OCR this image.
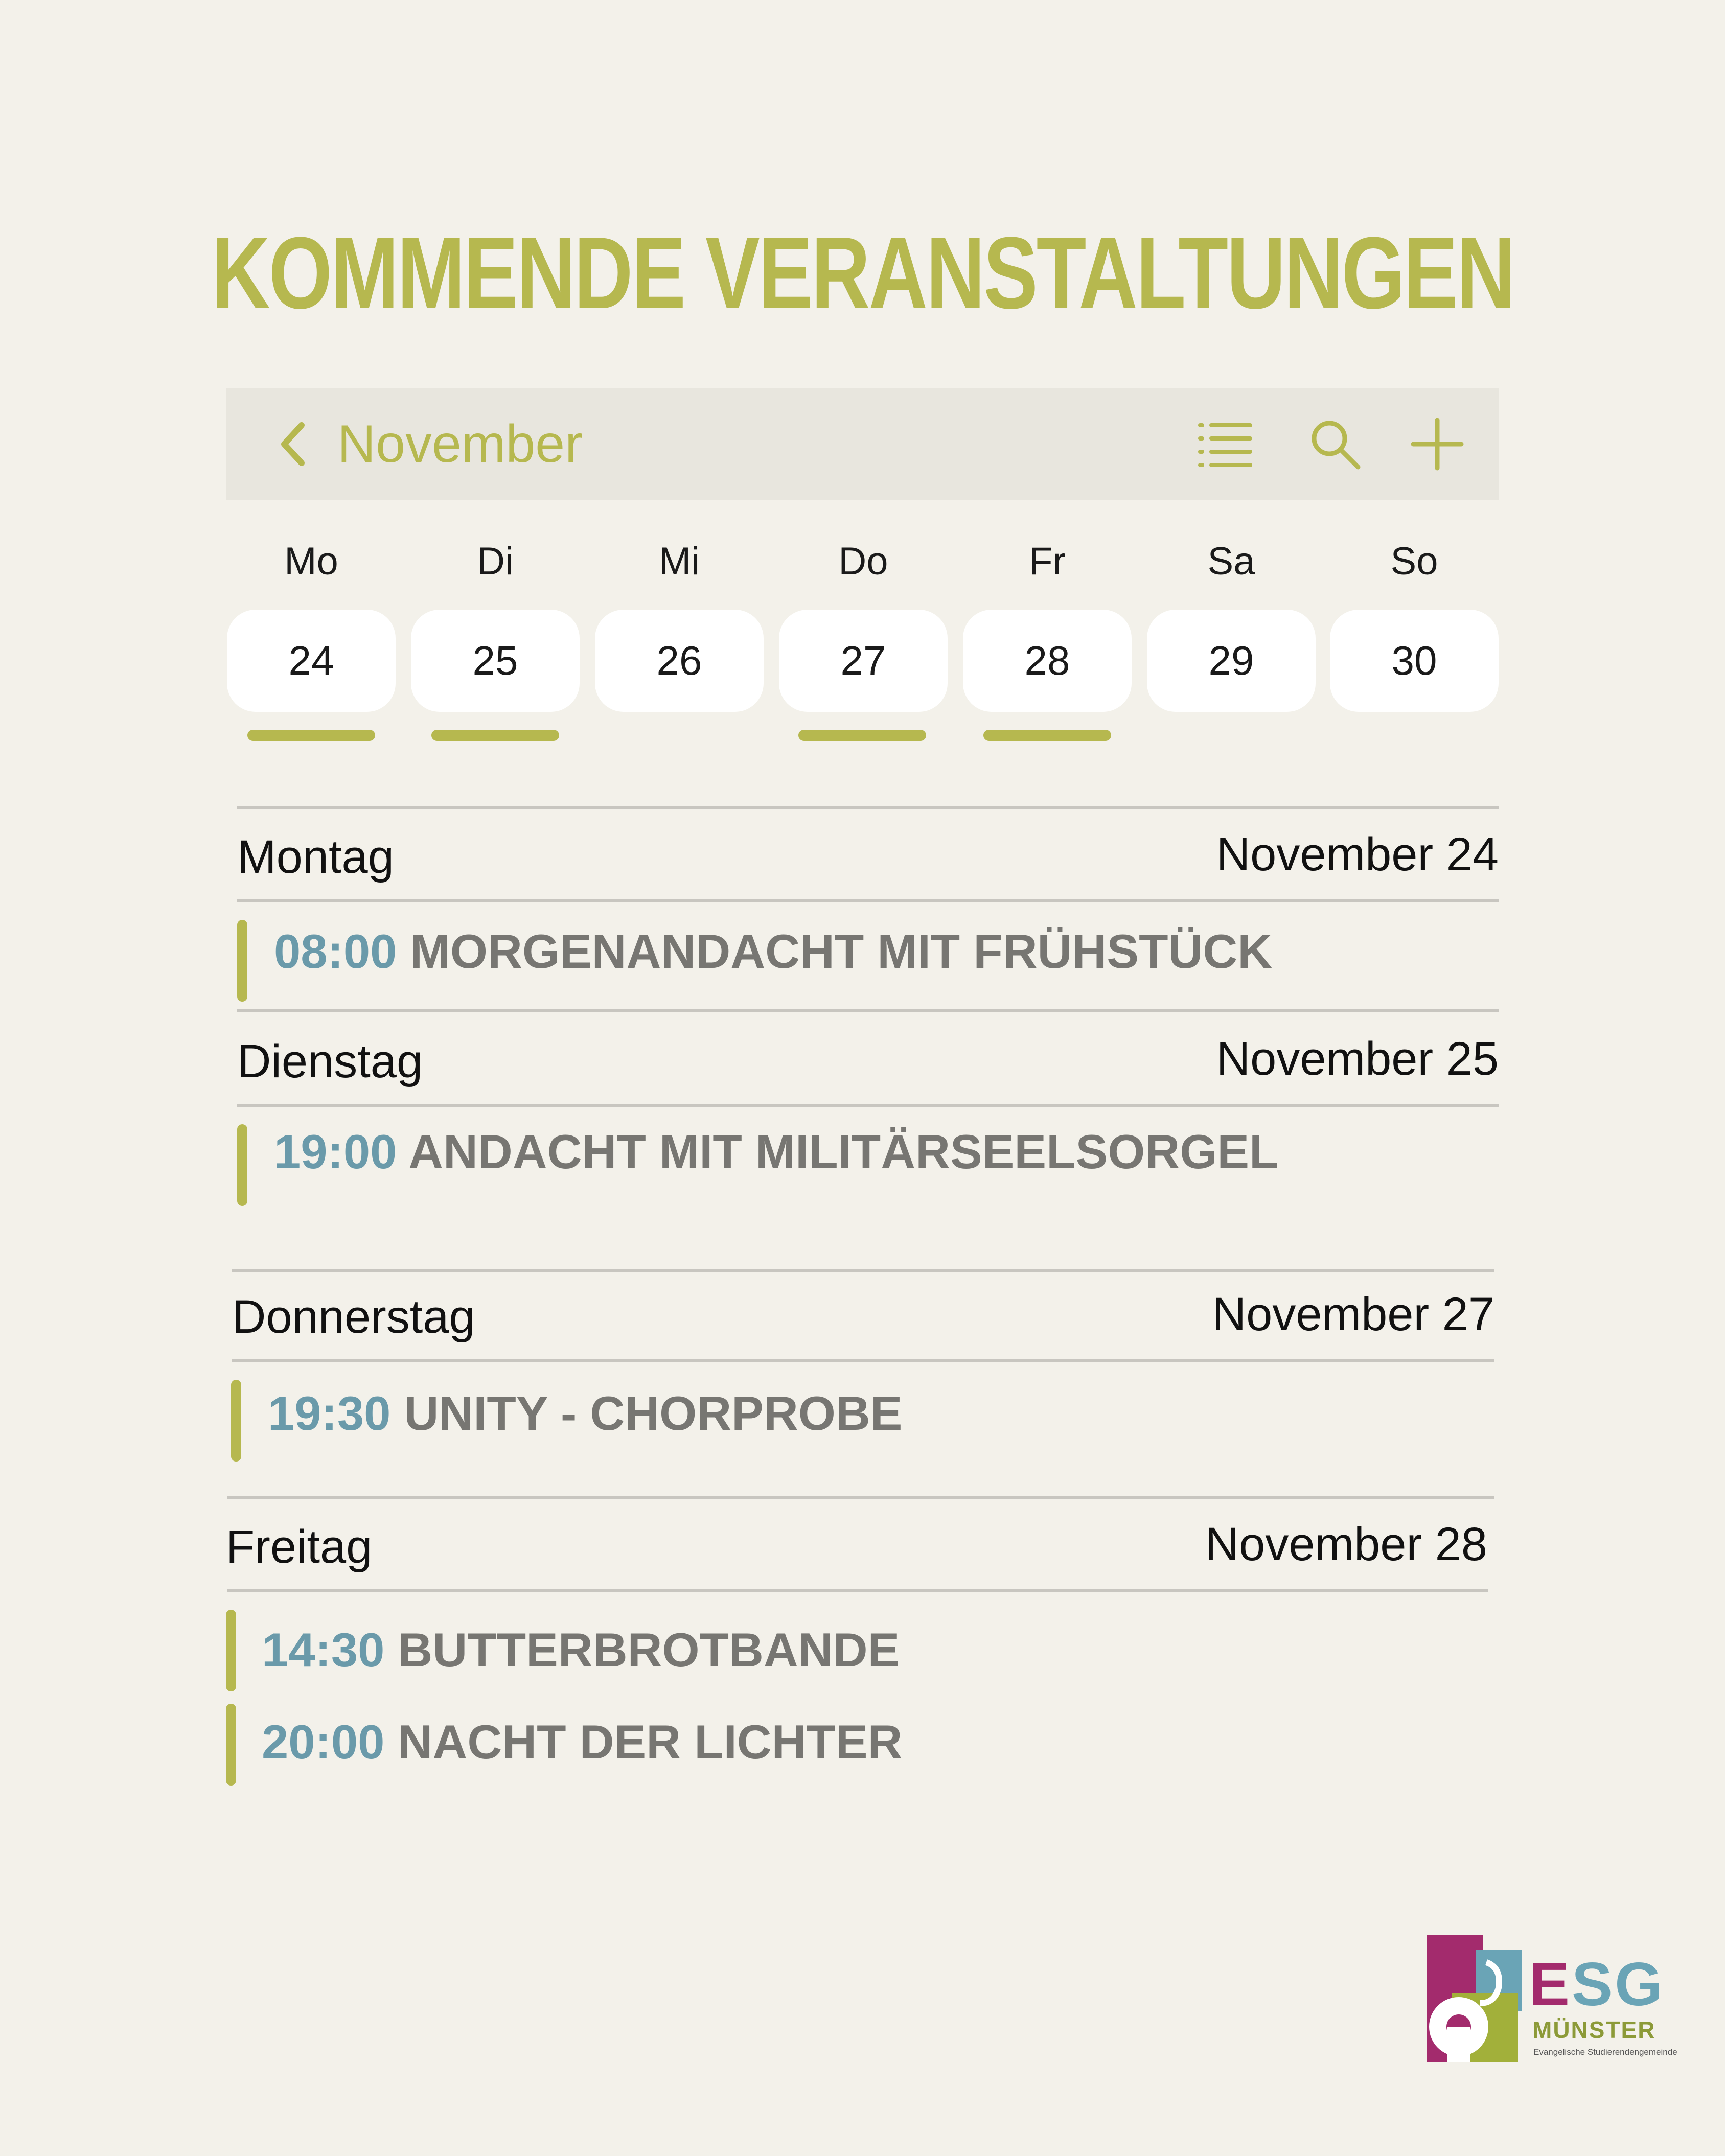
KOMMENDE VERANSTALTUNGEN
November
Mo	Di	Mi	Do	Fr	Sa	So
24	25	26	27	28	29	30
Montag	November 24
08:00 MORGENANDACHT MIT FRÜHSTÜCK
Dienstag	November 25
19:00 ANDACHT MIT MILITÄRSEELSORGEL
Donnerstag	November 27
19:30 UNITY - CHORPROBE
Freitag	November 28
14:30 BUTTERBROTBANDE
20:00 NACHT DER LICHTER
ESG
MÜNSTER
Evangelische Studierendengemeinde
